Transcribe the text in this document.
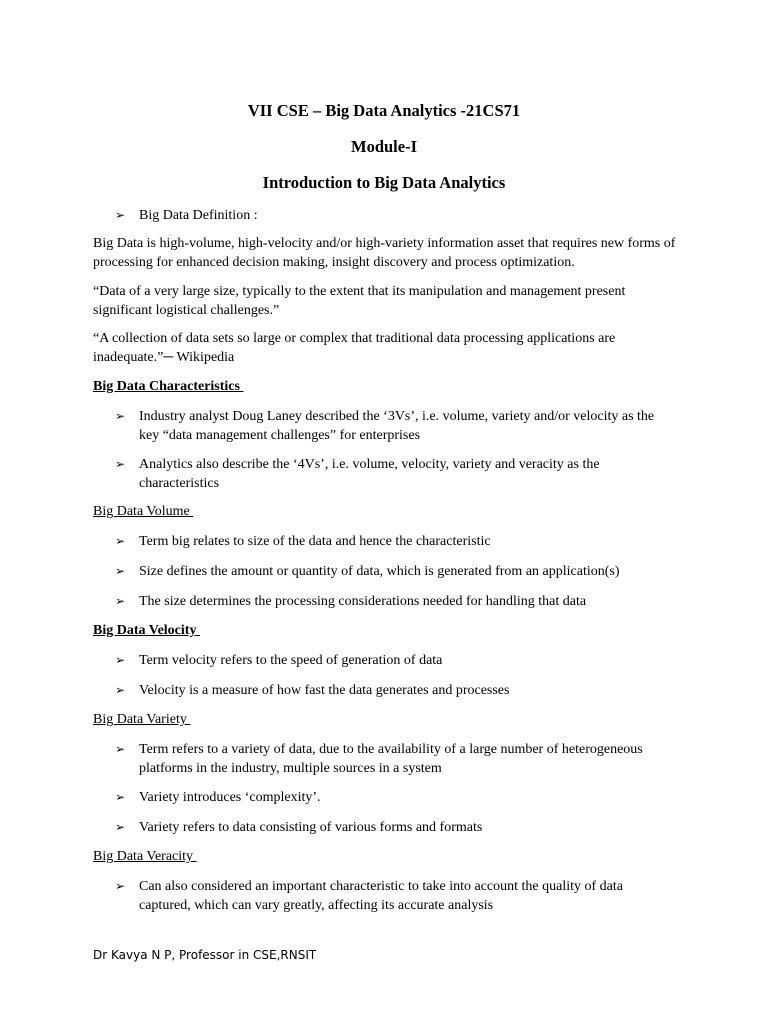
VII CSE – Big Data Analytics -21CS71
Module-I
Introduction to Big Data Analytics
➢ Big Data Definition :
Big Data is high-volume, high-velocity and/or high-variety information asset that requires new forms of processing for enhanced decision making, insight discovery and process optimization.
“Data of a very large size, typically to the extent that its manipulation and management present significant logistical challenges.”
“A collection of data sets so large or complex that traditional data processing applications are inadequate.”─ Wikipedia
Big Data Characteristics
➢ Industry analyst Doug Laney described the ‘3Vs’, i.e. volume, variety and/or velocity as the key “data management challenges” for enterprises
➢ Analytics also describe the ‘4Vs’, i.e. volume, velocity, variety and veracity as the characteristics
Big Data Volume
➢ Term big relates to size of the data and hence the characteristic
➢ Size defines the amount or quantity of data, which is generated from an application(s)
➢ The size determines the processing considerations needed for handling that data
Big Data Velocity
➢ Term velocity refers to the speed of generation of data
➢ Velocity is a measure of how fast the data generates and processes
Big Data Variety
➢ Term refers to a variety of data, due to the availability of a large number of heterogeneous platforms in the industry, multiple sources in a system
➢ Variety introduces ‘complexity’.
➢ Variety refers to data consisting of various forms and formats
Big Data Veracity
➢ Can also considered an important characteristic to take into account the quality of data captured, which can vary greatly, affecting its accurate analysis
Dr Kavya N P, Professor in CSE,RNSIT
